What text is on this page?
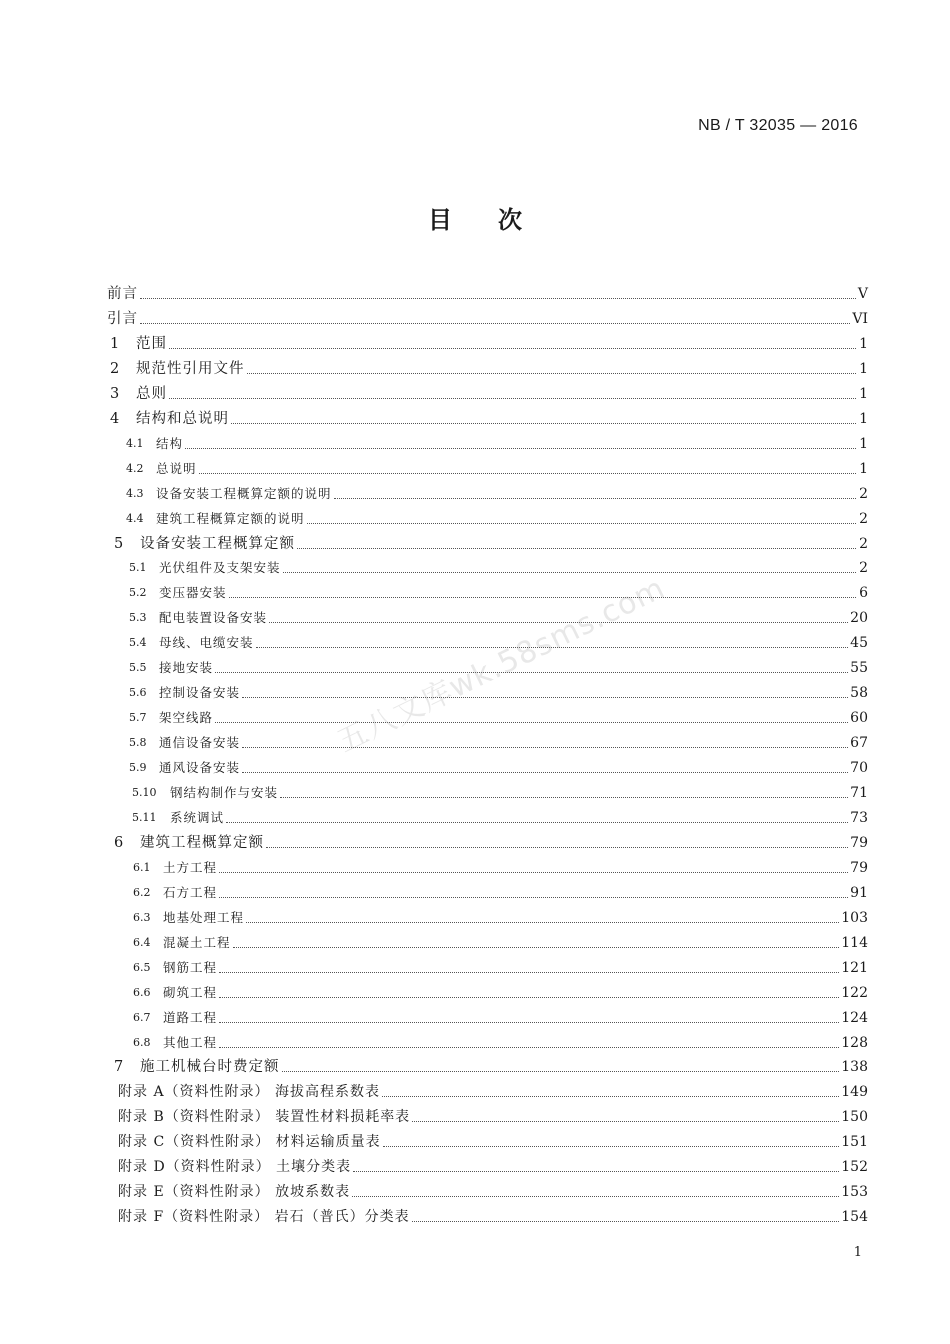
NB / T 32035 — 2016
目 次
前言	V
引言	VI
1	范围	1
2	规范性引用文件	1
3	总则	1
4	结构和总说明	1
4.1	结构	1
4.2	总说明	1
4.3	设备安装工程概算定额的说明	2
4.4	建筑工程概算定额的说明	2
5	设备安装工程概算定额	2
5.1	光伏组件及支架安装	2
5.2	变压器安装	6
5.3	配电装置设备安装	20
5.4	母线、电缆安装	45
5.5	接地安装	55
5.6	控制设备安装	58
5.7	架空线路	60
5.8	通信设备安装	67
5.9	通风设备安装	70
5.10	钢结构制作与安装	71
5.11	系统调试	73
6	建筑工程概算定额	79
6.1	土方工程	79
6.2	石方工程	91
6.3	地基处理工程	103
6.4	混凝土工程	114
6.5	钢筋工程	121
6.6	砌筑工程	122
6.7	道路工程	124
6.8	其他工程	128
7	施工机械台时费定额	138
附录 A（资料性附录） 海拔高程系数表	149
附录 B（资料性附录） 装置性材料损耗率表	150
附录 C（资料性附录） 材料运输质量表	151
附录 D（资料性附录） 土壤分类表	152
附录 E（资料性附录） 放坡系数表	153
附录 F（资料性附录） 岩石（普氏）分类表	154
五八文库wk.58sms.com
1
